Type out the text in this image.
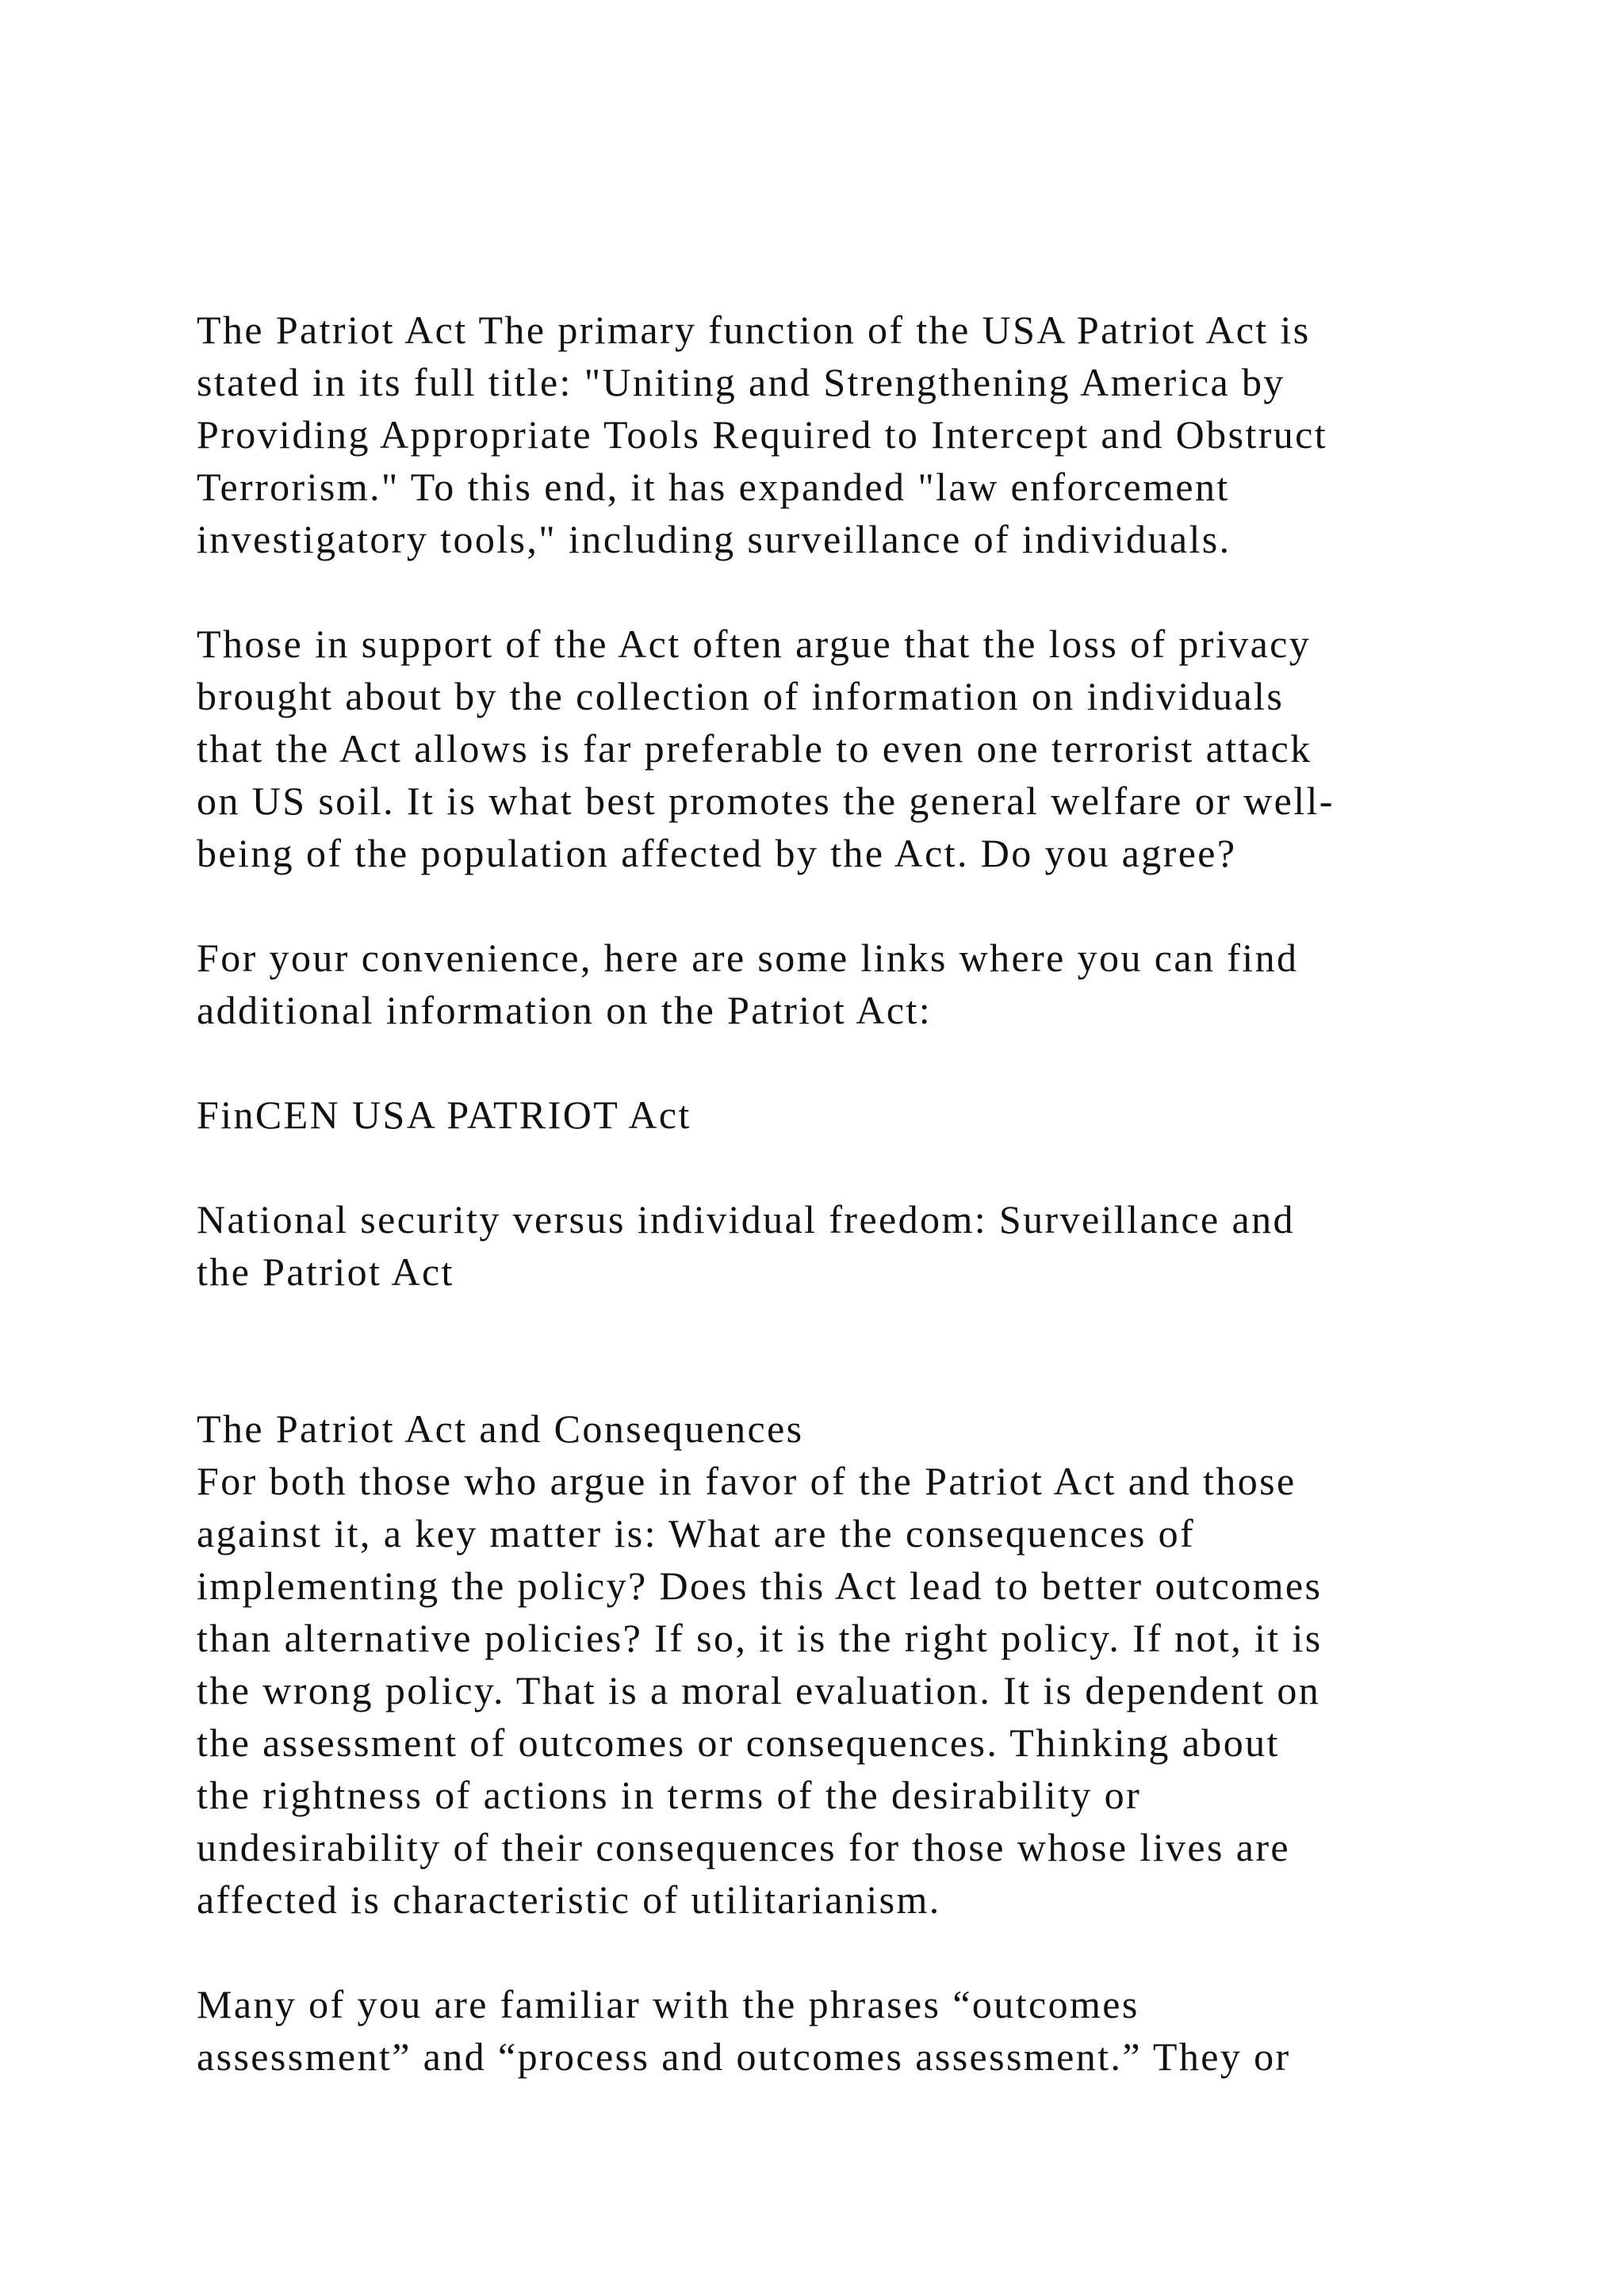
The Patriot Act The primary function of the USA Patriot Act is
stated in its full title: "Uniting and Strengthening America by
Providing Appropriate Tools Required to Intercept and Obstruct
Terrorism." To this end, it has expanded "law enforcement
investigatory tools," including surveillance of individuals.
Those in support of the Act often argue that the loss of privacy
brought about by the collection of information on individuals
that the Act allows is far preferable to even one terrorist attack
on US soil. It is what best promotes the general welfare or well-
being of the population affected by the Act. Do you agree?
For your convenience, here are some links where you can find
additional information on the Patriot Act:
FinCEN USA PATRIOT Act
National security versus individual freedom: Surveillance and
the Patriot Act
The Patriot Act and Consequences
For both those who argue in favor of the Patriot Act and those
against it, a key matter is: What are the consequences of
implementing the policy? Does this Act lead to better outcomes
than alternative policies? If so, it is the right policy. If not, it is
the wrong policy. That is a moral evaluation. It is dependent on
the assessment of outcomes or consequences. Thinking about
the rightness of actions in terms of the desirability or
undesirability of their consequences for those whose lives are
affected is characteristic of utilitarianism.
Many of you are familiar with the phrases “outcomes
assessment” and “process and outcomes assessment.” They or
